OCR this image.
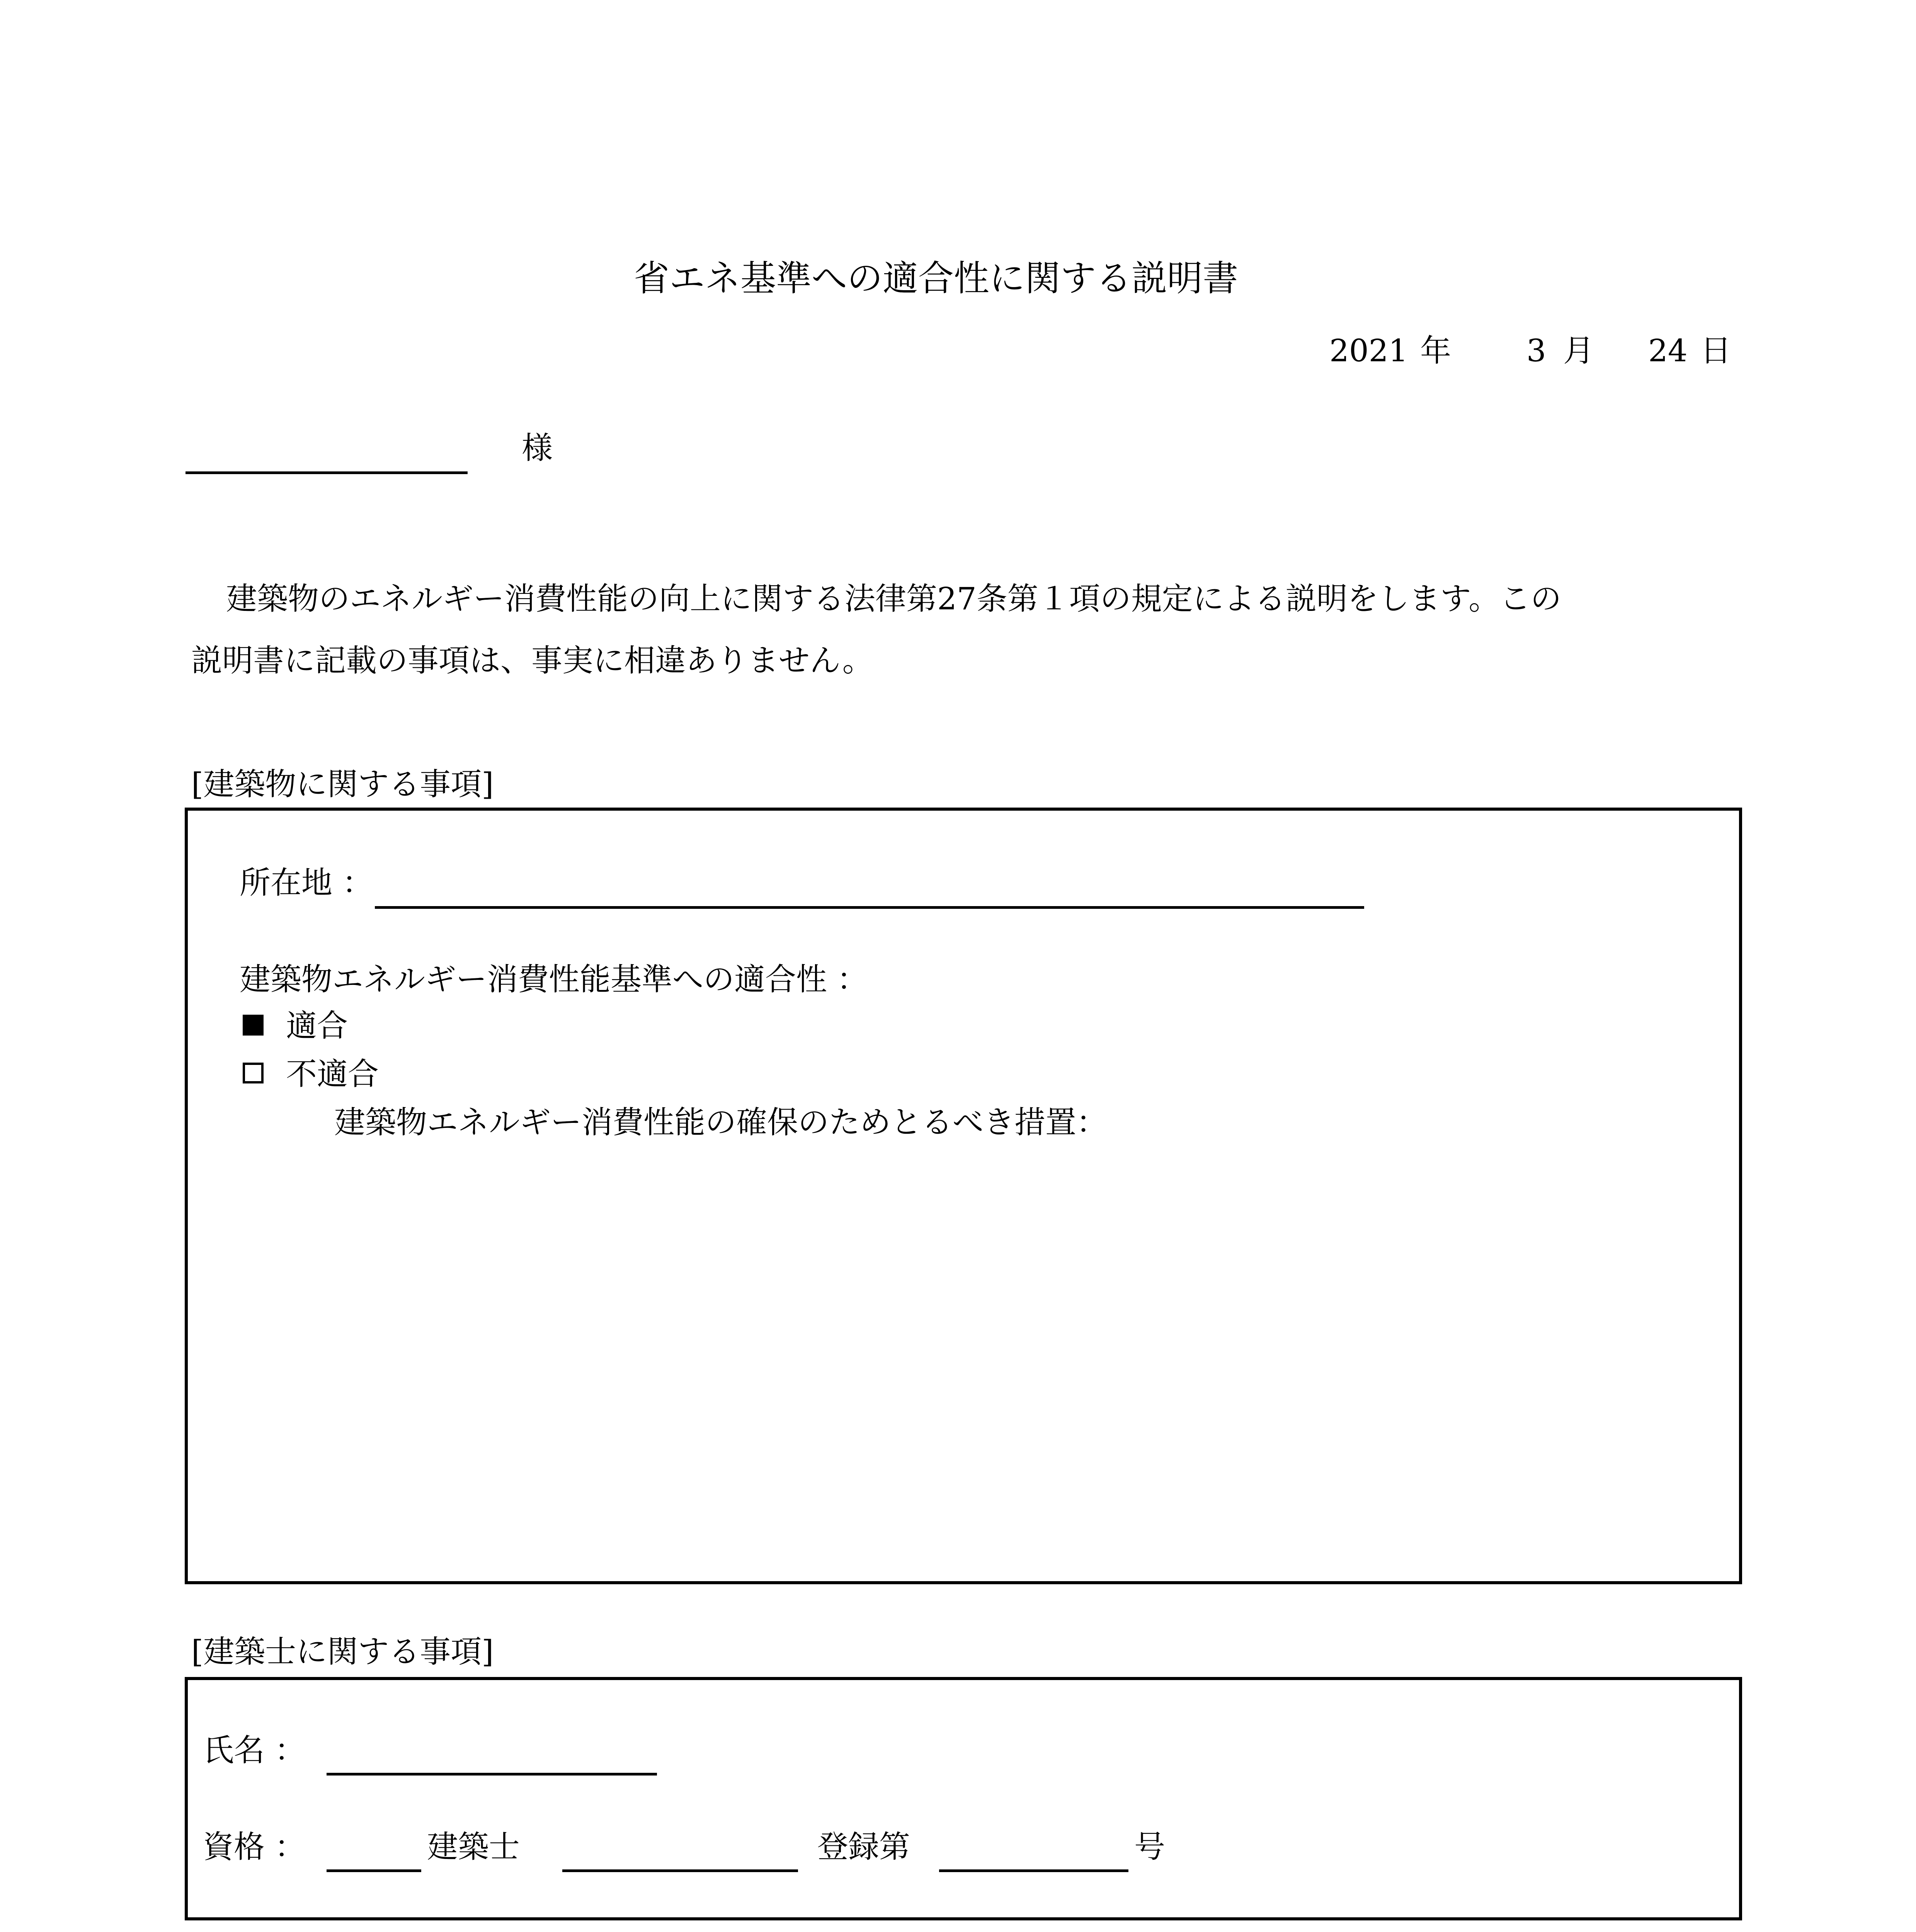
省エネ基準への適合性に関する説明書
2021 年 3 月 24 日
様
建築物のエネルギー消費性能の向上に関する法律第27条第１項の規定による説明をします。この
説明書に記載の事項は、事実に相違ありません。
[建築物に関する事項]
所在地 ：
建築物エネルギー消費性能基準への適合性 ：
適合
不適合
建築物エネルギー消費性能の確保のためとるべき措置：
[建築士に関する事項]
氏名 ：
資格 ：	建築士	登録第	号
